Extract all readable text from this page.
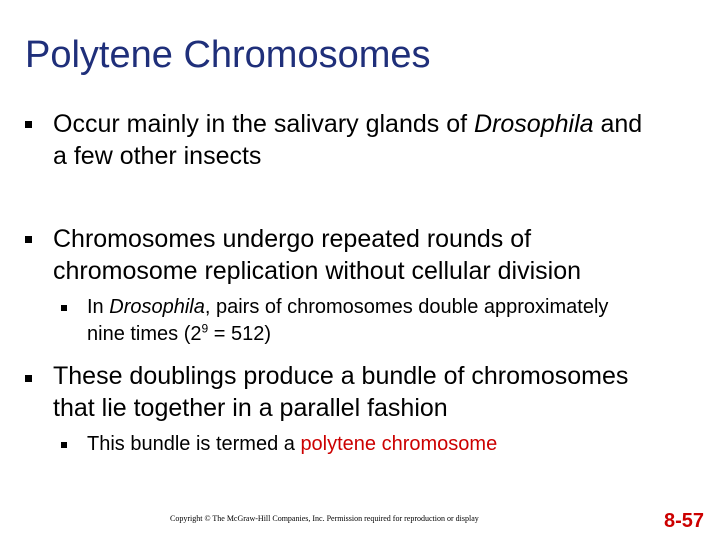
Polytene Chromosomes
Occur mainly in the salivary glands of Drosophila and
a few other insects
Chromosomes undergo repeated rounds of
chromosome replication without cellular division
In Drosophila, pairs of chromosomes double approximately
nine times $(2^9 = 512)$
These doublings produce a bundle of chromosomes
that lie together in a parallel fashion
This bundle is termed a polytene chromosome
Copyright © The McGraw-Hill Companies, Inc. Permission required for reproduction or display	8-57
